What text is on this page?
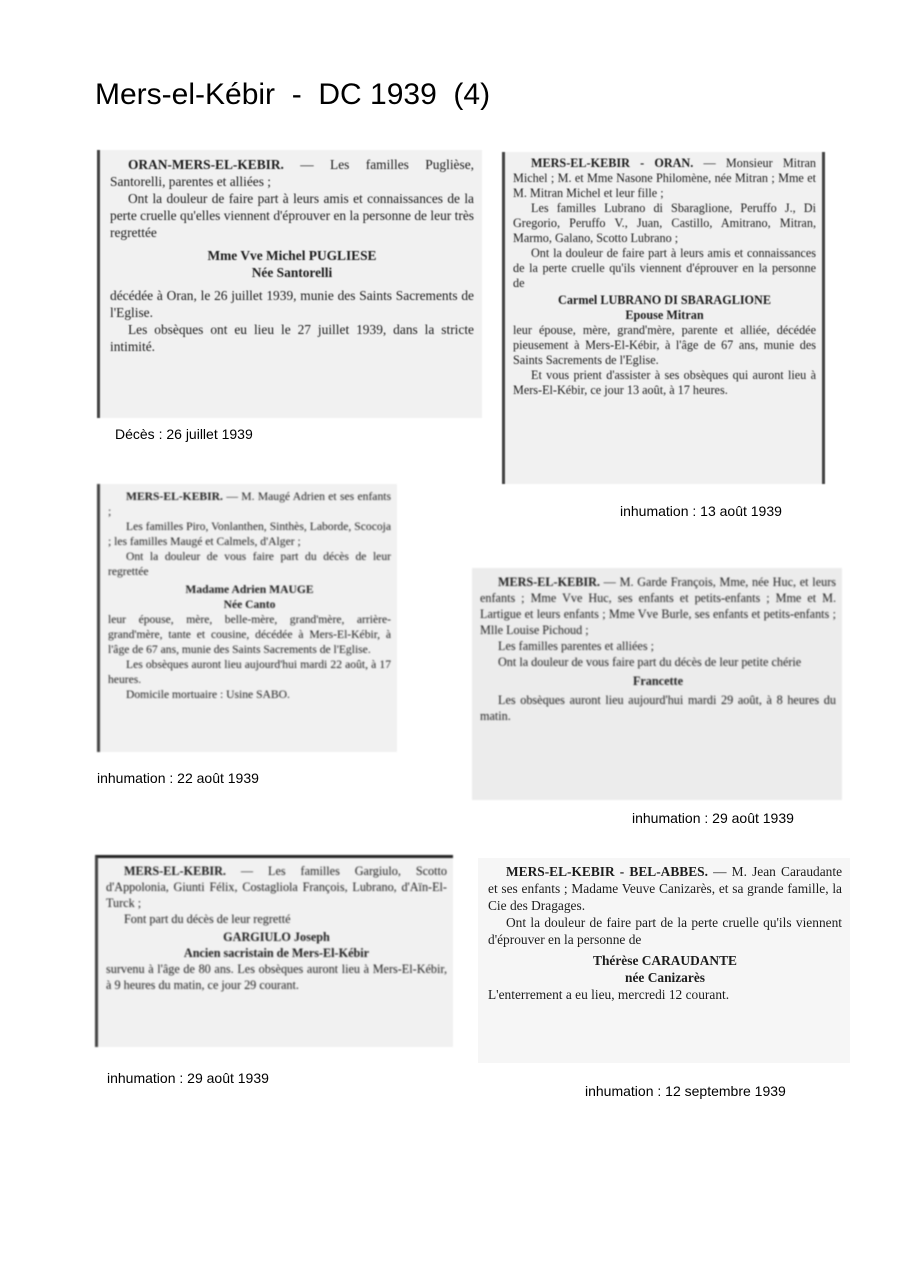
Mers-el-Kébir  -  DC 1939  (4)

ORAN-MERS-EL-KEBIR. — Les familles Puglièse, Santorelli, parentes et alliées ;

Ont la douleur de faire part à leurs amis et connaissances de la perte cruelle qu'elles viennent d'éprouver en la personne de leur très regrettée

Mme Vve Michel PUGLIESE

Née Santorelli

décédée à Oran, le 26 juillet 1939, munie des Saints Sacrements de l'Eglise.

Les obsèques ont eu lieu le 27 juillet 1939, dans la stricte intimité.

Décès : 26 juillet 1939

MERS-EL-KEBIR - ORAN. — Monsieur Mitran Michel ; M. et Mme Nasone Philomène, née Mitran ; Mme et M. Mitran Michel et leur fille ;

Les familles Lubrano di Sbaraglione, Peruffo J., Di Gregorio, Peruffo V., Juan, Castillo, Amitrano, Mitran, Marmo, Galano, Scotto Lubrano ;

Ont la douleur de faire part à leurs amis et connaissances de la perte cruelle qu'ils viennent d'éprouver en la personne de

Carmel LUBRANO DI SBARAGLIONE

Epouse Mitran

leur épouse, mère, grand'mère, parente et alliée, décédée pieusement à Mers-El-Kébir, à l'âge de 67 ans, munie des Saints Sacrements de l'Eglise.

Et vous prient d'assister à ses obsèques qui auront lieu à Mers-El-Kébir, ce jour 13 août, à 17 heures.

inhumation : 13 août 1939

MERS-EL-KEBIR. — M. Maugé Adrien et ses enfants ;

Les familles Piro, Vonlanthen, Sinthès, Laborde, Scocoja ; les familles Maugé et Calmels, d'Alger ;

Ont la douleur de vous faire part du décès de leur regrettée

Madame Adrien MAUGE

Née Canto

leur épouse, mère, belle-mère, grand'mère, arrière-grand'mère, tante et cousine, décédée à Mers-El-Kébir, à l'âge de 67 ans, munie des Saints Sacrements de l'Eglise.

Les obsèques auront lieu aujourd'hui mardi 22 août, à 17 heures.

Domicile mortuaire : Usine SABO.

inhumation : 22 août 1939

MERS-EL-KEBIR. — M. Garde François, Mme, née Huc, et leurs enfants ; Mme Vve Huc, ses enfants et petits-enfants ; Mme et M. Lartigue et leurs enfants ; Mme Vve Burle, ses enfants et petits-enfants ; Mlle Louise Pichoud ;

Les familles parentes et alliées ;

Ont la douleur de vous faire part du décès de leur petite chérie

Francette

Les obsèques auront lieu aujourd'hui mardi 29 août, à 8 heures du matin.

inhumation : 29 août 1939

MERS-EL-KEBIR. — Les familles Gargiulo, Scotto d'Appolonia, Giunti Félix, Costagliola François, Lubrano, d'Aïn-El-Turck ;

Font part du décès de leur regretté

GARGIULO Joseph

Ancien sacristain de Mers-El-Kébir

survenu à l'âge de 80 ans. Les obsèques auront lieu à Mers-El-Kébir, à 9 heures du matin, ce jour 29 courant.

inhumation : 29 août 1939

MERS-EL-KEBIR - BEL-ABBES. — M. Jean Caraudante et ses enfants ; Madame Veuve Canizarès, et sa grande famille, la Cie des Dragages.

Ont la douleur de faire part de la perte cruelle qu'ils viennent d'éprouver en la personne de

Thérèse CARAUDANTE

née Canizarès

L'enterrement a eu lieu, mercredi 12 courant.

inhumation : 12 septembre 1939
